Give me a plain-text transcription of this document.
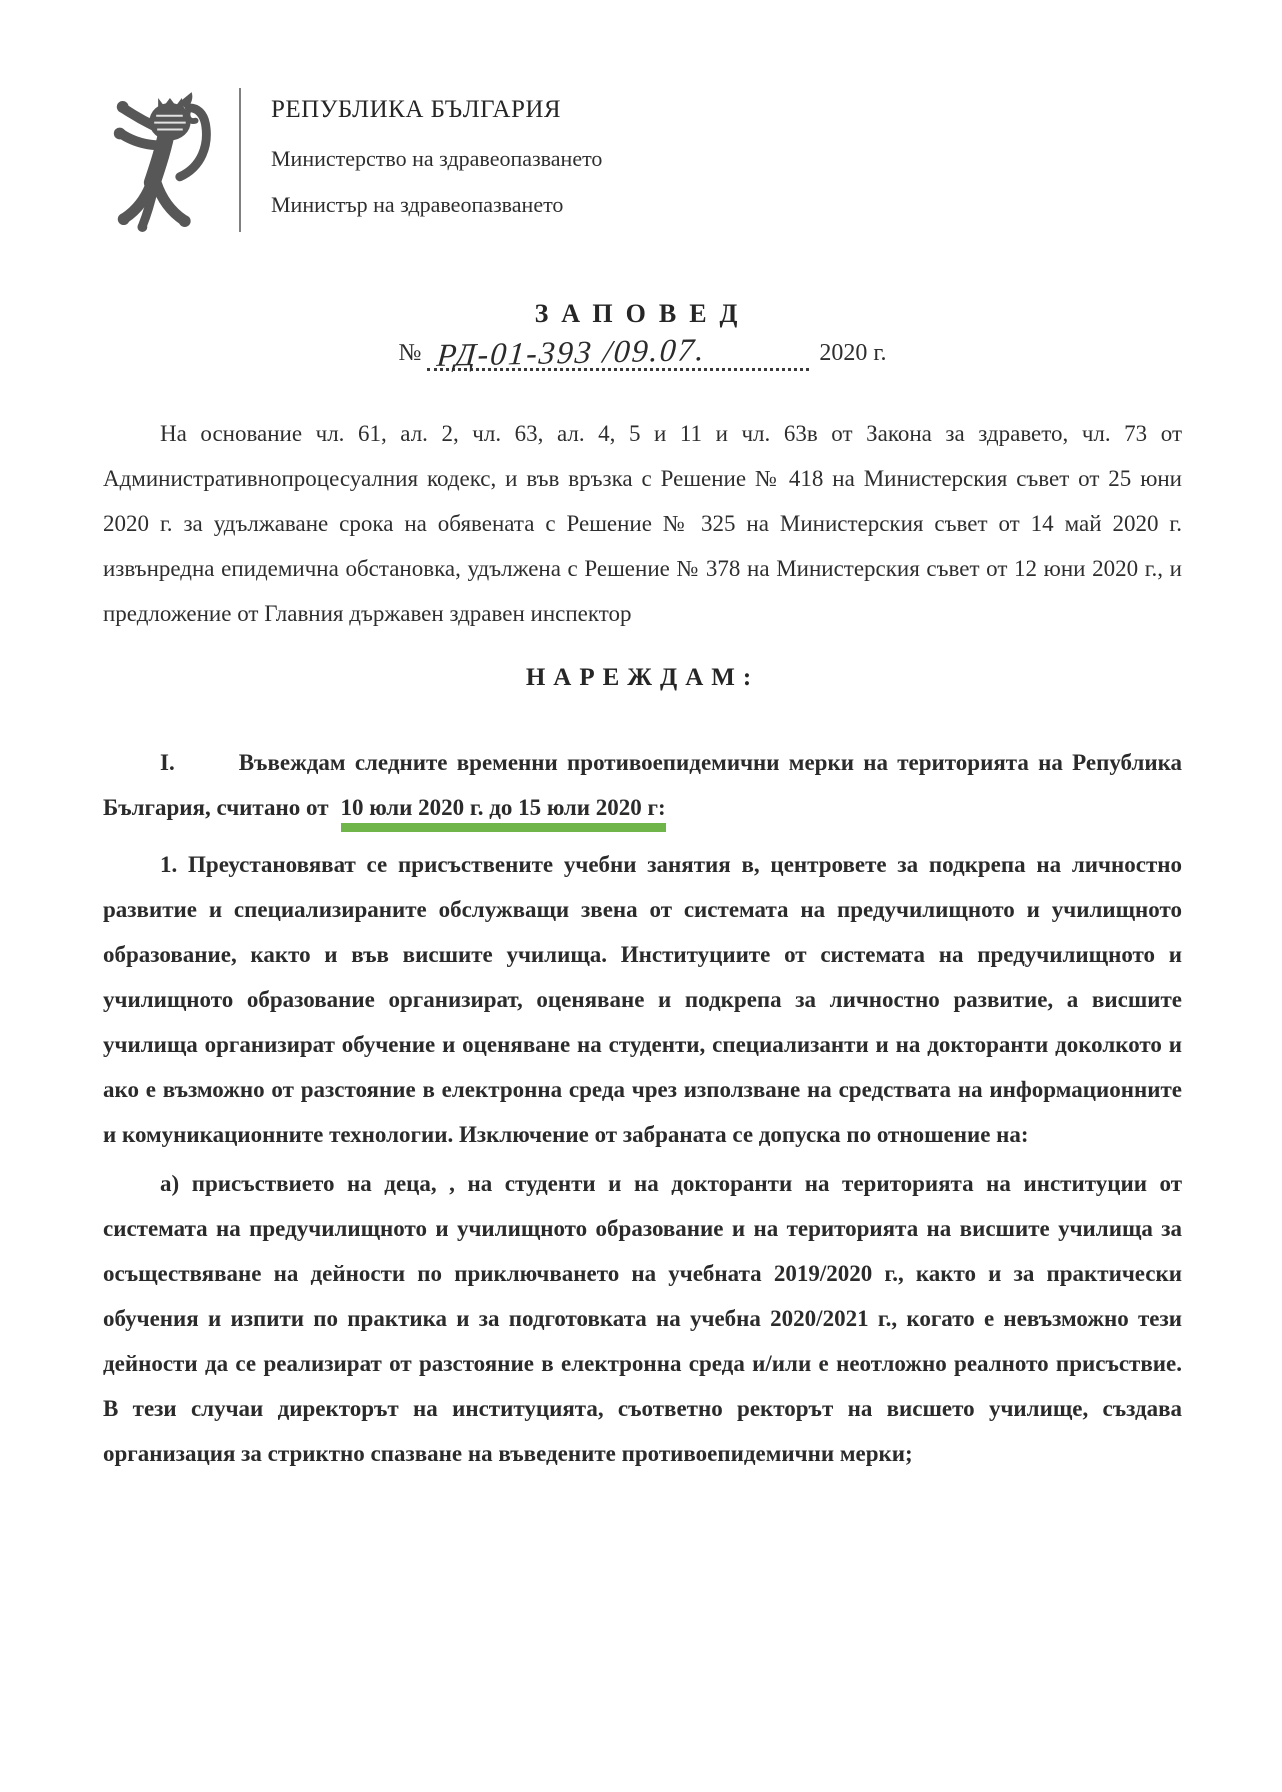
РЕПУБЛИКА БЪЛГАРИЯ
Министерство на здравеопазването
Министър на здравеопазването
ЗАПОВЕД
№ РД-01-393 /09.07.	2020 г.

На основание чл. 61, ал. 2, чл. 63, ал. 4, 5 и 11 и чл. 63в от Закона за здравето, чл. 73 от Административнопроцесуалния кодекс, и във връзка с Решение № 418 на Министерския съвет от 25 юни 2020 г. за удължаване срока на обявената с Решение № 325 на Министерския съвет от 14 май 2020 г. извънредна епидемична обстановка, удължена с Решение № 378 на Министерския съвет от 12 юни 2020 г., и предложение от Главния държавен здравен инспектор

НАРЕЖДАМ:

I.	Въвеждам следните временни противоепидемични мерки на територията на Република България, считано от 10 юли 2020 г. до 15 юли 2020 г:

1. Преустановяват се присъствените учебни занятия в, центровете за подкрепа на личностно развитие и специализираните обслужващи звена от системата на предучилищното и училищното образование, както и във висшите училища. Институциите от системата на предучилищното и училищното образование организират, оценяване и подкрепа за личностно развитие, а висшите училища организират обучение и оценяване на студенти, специализанти и на докторанти доколкото и ако е възможно от разстояние в електронна среда чрез използване на средствата на информационните и комуникационните технологии. Изключение от забраната се допуска по отношение на:

а) присъствието на деца, , на студенти и на докторанти на територията на институции от системата на предучилищното и училищното образование и на територията на висшите училища за осъществяване на дейности по приключването на учебната 2019/2020 г., както и за практически обучения и изпити по практика и за подготовката на учебна 2020/2021 г., когато е невъзможно тези дейности да се реализират от разстояние в електронна среда и/или е неотложно реалното присъствие. В тези случаи директорът на институцията, съответно ректорът на висшето училище, създава организация за стриктно спазване на въведените противоепидемични мерки;
